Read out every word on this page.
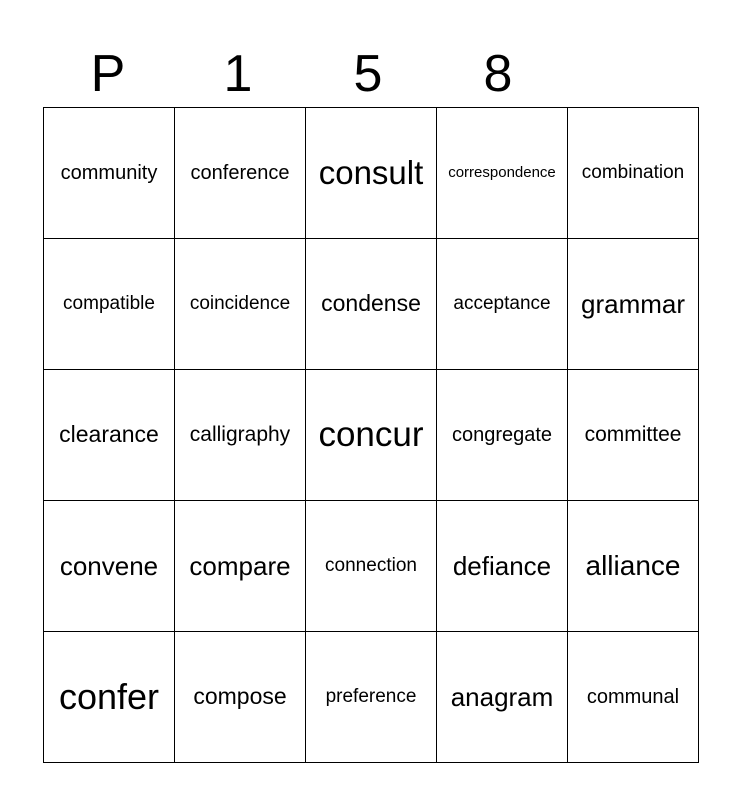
P	1	5	8
community	conference	consult	correspondence	combination

compatible	coincidence	condense	acceptance	grammar

clearance	calligraphy	concur	congregate	committee

convene	compare	connection	defiance	alliance

confer	compose	preference	anagram	communal
